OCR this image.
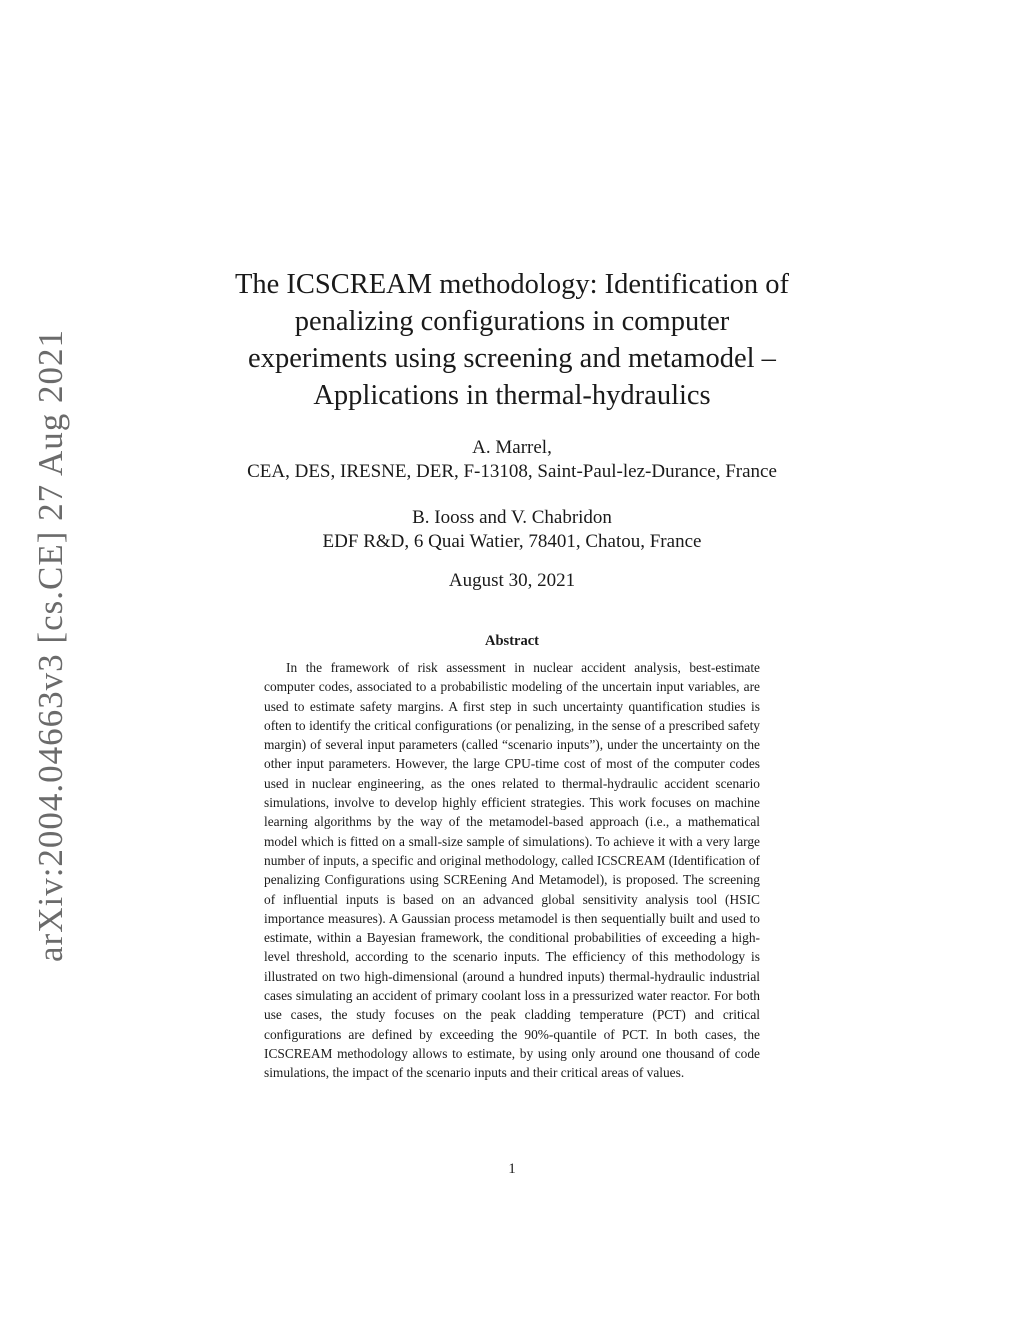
arXiv:2004.04663v3 [cs.CE] 27 Aug 2021
The ICSCREAM methodology: Identification of
penalizing configurations in computer
experiments using screening and metamodel –
Applications in thermal-hydraulics
A. Marrel,
CEA, DES, IRESNE, DER, F-13108, Saint-Paul-lez-Durance, France
B. Iooss and V. Chabridon
EDF R&D, 6 Quai Watier, 78401, Chatou, France
August 30, 2021
Abstract

In the framework of risk assessment in nuclear accident analysis, best-estimate computer codes, associated to a probabilistic modeling of the uncertain input variables, are used to estimate safety margins. A first step in such uncertainty quantification studies is often to identify the critical configurations (or penalizing, in the sense of a prescribed safety margin) of several input parameters (called “scenario inputs”), under the uncertainty on the other input parameters. However, the large CPU-time cost of most of the computer codes used in nuclear engineering, as the ones related to thermal-hydraulic accident scenario simulations, involve to develop highly efficient strategies. This work focuses on machine learning algorithms by the way of the metamodel-based approach (i.e., a mathematical model which is fitted on a small-size sample of simulations). To achieve it with a very large number of inputs, a specific and original methodology, called ICSCREAM (Identification of penalizing Configurations using SCREening And Metamodel), is proposed. The screening of influential inputs is based on an advanced global sensitivity analysis tool (HSIC importance measures). A Gaussian process metamodel is then sequentially built and used to estimate, within a Bayesian framework, the conditional probabilities of exceeding a high-level threshold, according to the scenario inputs. The efficiency of this methodology is illustrated on two high-dimensional (around a hundred inputs) thermal-hydraulic industrial cases simulating an accident of primary coolant loss in a pressurized water reactor. For both use cases, the study focuses on the peak cladding temperature (PCT) and critical configurations are defined by exceeding the 90%-quantile of PCT. In both cases, the ICSCREAM methodology allows to estimate, by using only around one thousand of code simulations, the impact of the scenario inputs and their critical areas of values.

1
